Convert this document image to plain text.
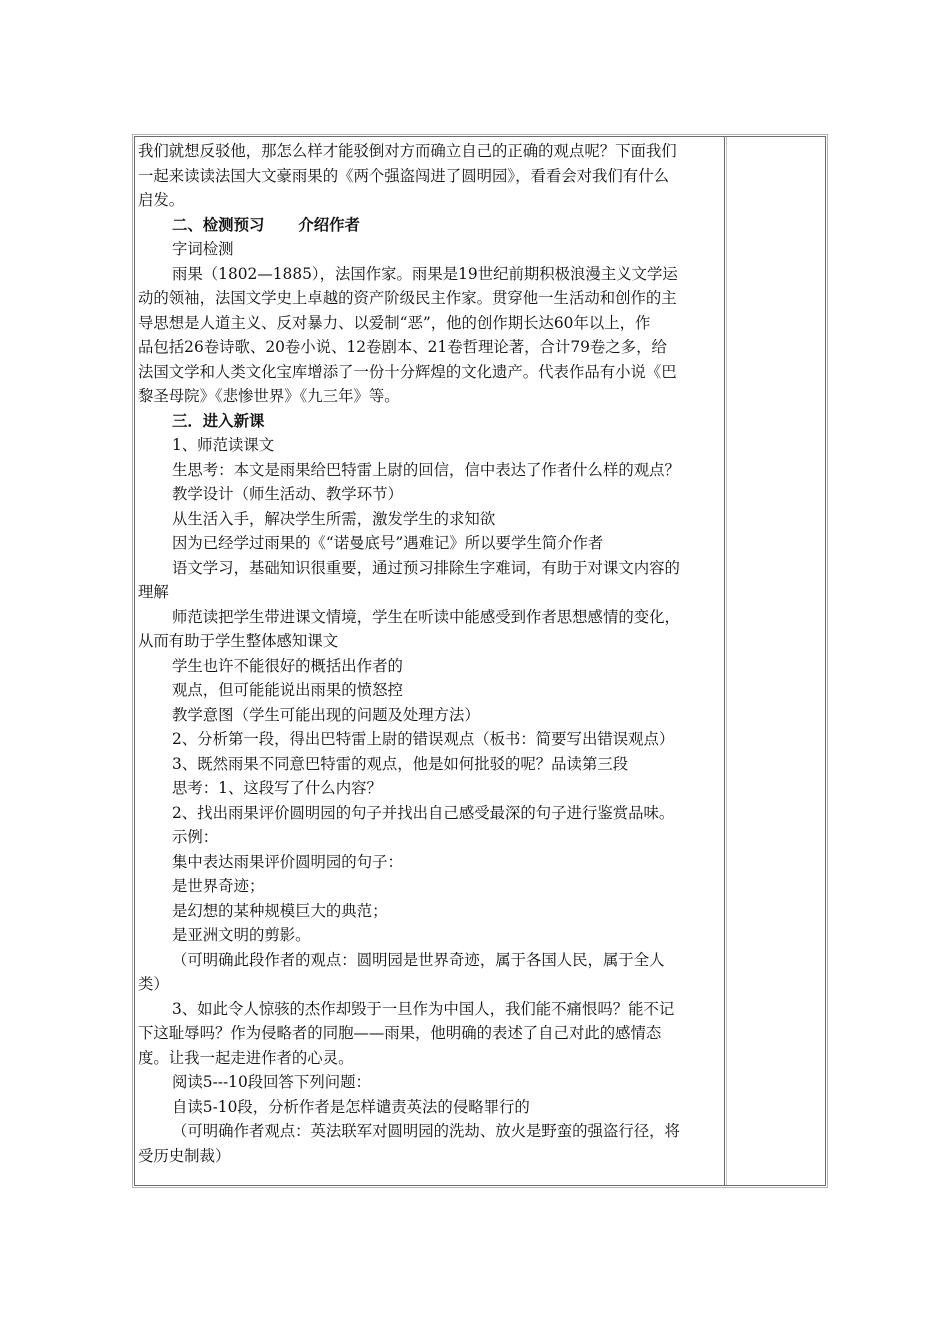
我们就想反驳他，那怎么样才能驳倒对方而确立自己的正确的观点呢？下面我们
一起来读读法国大文豪雨果的《两个强盗闯进了圆明园》，看看会对我们有什么
启发。
二、检测预习 介绍作者
字词检测
雨果（1802—1885），法国作家。雨果是19世纪前期积极浪漫主义文学运
动的领袖，法国文学史上卓越的资产阶级民主作家。贯穿他一生活动和创作的主
导思想是人道主义、反对暴力、以爱制“恶”，他的创作期长达60年以上，作
品包括26卷诗歌、20卷小说、12卷剧本、21卷哲理论著，合计79卷之多，给
法国文学和人类文化宝库增添了一份十分辉煌的文化遗产。代表作品有小说《巴
黎圣母院》《悲惨世界》《九三年》等。
三．进入新课
1、师范读课文
生思考：本文是雨果给巴特雷上尉的回信，信中表达了作者什么样的观点？
教学设计（师生活动、教学环节）
从生活入手，解决学生所需，激发学生的求知欲
因为已经学过雨果的《“诺曼底号”遇难记》所以要学生简介作者
语文学习，基础知识很重要，通过预习排除生字难词，有助于对课文内容的
理解
师范读把学生带进课文情境，学生在听读中能感受到作者思想感情的变化，
从而有助于学生整体感知课文
学生也许不能很好的概括出作者的
观点，但可能能说出雨果的愤怒控
教学意图（学生可能出现的问题及处理方法）
2、分析第一段，得出巴特雷上尉的错误观点（板书：简要写出错误观点）
3、既然雨果不同意巴特雷的观点，他是如何批驳的呢？品读第三段
思考：1、这段写了什么内容？
2、找出雨果评价圆明园的句子并找出自己感受最深的句子进行鉴赏品味。
示例：
集中表达雨果评价圆明园的句子：
是世界奇迹；
是幻想的某种规模巨大的典范；
是亚洲文明的剪影。
（可明确此段作者的观点：圆明园是世界奇迹，属于各国人民，属于全人
类）
3、如此令人惊骇的杰作却毁于一旦作为中国人，我们能不痛恨吗？能不记
下这耻辱吗？作为侵略者的同胞——雨果，他明确的表述了自己对此的感情态
度。让我一起走进作者的心灵。
阅读5---10段回答下列问题：
自读5-10段，分析作者是怎样谴责英法的侵略罪行的
（可明确作者观点：英法联军对圆明园的洗劫、放火是野蛮的强盗行径，将
受历史制裁）
